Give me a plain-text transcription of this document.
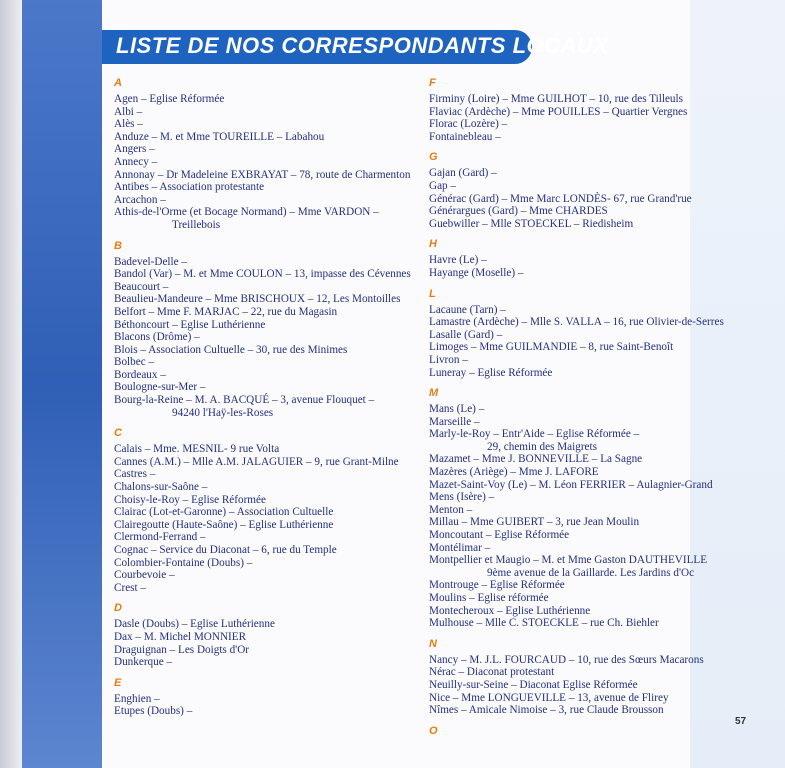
LISTE DE NOS CORRESPONDANTS LOCAUX
A
Agen – Eglise Réformée
Albi –
Alès –
Anduze – M. et Mme TOUREILLE – Labahou
Angers –
Annecy –
Annonay – Dr Madeleine EXBRAYAT – 78, route de Charmenton
Antibes – Association protestante
Arcachon –
Athis-de-l'Orme (et Bocage Normand) – Mme VARDON –
Treillebois
B
Badevel-Delle –
Bandol (Var) – M. et Mme COULON – 13, impasse des Cévennes
Beaucourt –
Beaulieu-Mandeure – Mme BRISCHOUX – 12, Les Montoilles
Belfort – Mme F. MARJAC – 22, rue du Magasin
Béthoncourt – Eglise Luthérienne
Blacons (Drôme) –
Blois – Association Cultuelle – 30, rue des Minimes
Bolbec –
Bordeaux –
Boulogne-sur-Mer –
Bourg-la-Reine – M. A. BACQUÉ – 3, avenue Flouquet –
94240 l'Haÿ-les-Roses
C
Calais – Mme. MESNIL- 9 rue Volta
Cannes (A.M.) – Mlle A.M. JALAGUIER – 9, rue Grant-Milne
Castres –
Chalons-sur-Saône –
Choisy-le-Roy – Eglise Réformée
Clairac (Lot-et-Garonne) – Association Cultuelle
Clairegoutte (Haute-Saône) – Eglise Luthérienne
Clermond-Ferrand –
Cognac – Service du Diaconat – 6, rue du Temple
Colombier-Fontaine (Doubs) –
Courbevoie –
Crest –
D
Dasle (Doubs) – Eglise Luthérienne
Dax – M. Michel MONNIER
Draguignan – Les Doigts d'Or
Dunkerque –
E
Enghien –
Etupes (Doubs) –
F
Firminy (Loire) – Mme GUILHOT – 10, rue des Tilleuls
Flaviac (Ardèche) – Mme POUILLES – Quartier Vergnes
Florac (Lozère) –
Fontainebleau –
G
Gajan (Gard) –
Gap –
Générac (Gard) – Mme Marc LONDÈS- 67, rue Grand'rue
Générargues (Gard) – Mme CHARDES
Guebwiller – Mlle STOECKEL – Riedisheim
H
Havre (Le) –
Hayange (Moselle) –
L
Lacaune (Tarn) –
Lamastre (Ardèche) – Mlle S. VALLA – 16, rue Olivier-de-Serres
Lasalle (Gard) –
Limoges – Mme GUILMANDIE – 8, rue Saint-Benoît
Livron –
Luneray – Eglise Réformée
M
Mans (Le) –
Marseille –
Marly-le-Roy – Entr'Aide – Eglise Réformée –
29, chemin des Maigrets
Mazamet – Mme J. BONNEVILLE – La Sagne
Mazères (Ariège) – Mme J. LAFORE
Mazet-Saint-Voy (Le) – M. Léon FERRIER – Aulagnier-Grand
Mens (Isère) –
Menton –
Millau – Mme GUIBERT – 3, rue Jean Moulin
Moncoutant – Eglise Réformée
Montélimar –
Montpellier et Maugio – M. et Mme Gaston DAUTHEVILLE
9ème avenue de la Gaillarde. Les Jardins d'Oc
Montrouge – Eglise Réformée
Moulins – Eglise réformée
Montecheroux – Eglise Luthérienne
Mulhouse – Mlle C. STOECKLE – rue Ch. Biehler
N
Nancy – M. J.L. FOURCAUD – 10, rue des Sœurs Macarons
Nérac – Diaconat protestant
Neuilly-sur-Seine – Diaconat Eglise Réformée
Nice – Mme LONGUEVILLE – 13, avenue de Flirey
Nîmes – Amicale Nimoise – 3, rue Claude Brousson
O
57
